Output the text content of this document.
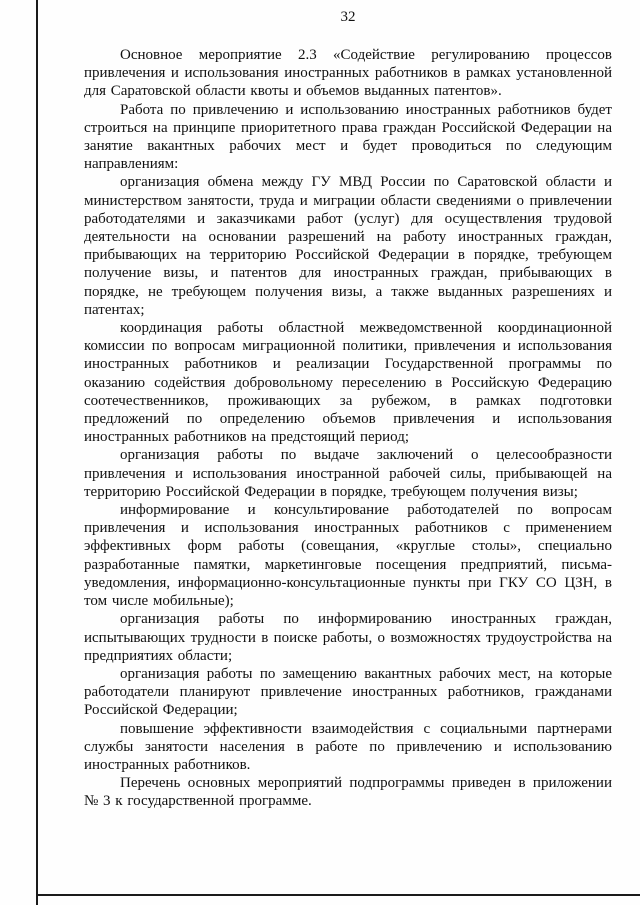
32

Основное мероприятие 2.3 «Содействие регулированию процессов привлечения и использования иностранных работников в рамках установленной для Саратовской области квоты и объемов выданных патентов».

Работа по привлечению и использованию иностранных работников будет строиться на принципе приоритетного права граждан Российской Федерации на занятие вакантных рабочих мест и будет проводиться по следующим направлениям:

организация обмена между ГУ МВД России по Саратовской области и министерством занятости, труда и миграции области сведениями о привлечении работодателями и заказчиками работ (услуг) для осуществления трудовой деятельности на основании разрешений на работу иностранных граждан, прибывающих на территорию Российской Федерации в порядке, требующем получение визы, и патентов для иностранных граждан, прибывающих в порядке, не требующем получения визы, а также выданных разрешениях и патентах;

координация работы областной межведомственной координационной комиссии по вопросам миграционной политики, привлечения и использования иностранных работников и реализации Государственной программы по оказанию содействия добровольному переселению в Российскую Федерацию соотечественников, проживающих за рубежом, в рамках подготовки предложений по определению объемов привлечения и использования иностранных работников на предстоящий период;

организация работы по выдаче заключений о целесообразности привлечения и использования иностранной рабочей силы, прибывающей на территорию Российской Федерации в порядке, требующем получения визы;

информирование и консультирование работодателей по вопросам привлечения и использования иностранных работников с применением эффективных форм работы (совещания, «круглые столы», специально разработанные памятки, маркетинговые посещения предприятий, письма-уведомления, информационно-консультационные пункты при ГКУ СО ЦЗН, в том числе мобильные);

организация работы по информированию иностранных граждан, испытывающих трудности в поиске работы, о возможностях трудоустройства на предприятиях области;

организация работы по замещению вакантных рабочих мест, на которые работодатели планируют привлечение иностранных работников, гражданами Российской Федерации;

повышение эффективности взаимодействия с социальными партнерами службы занятости населения в работе по привлечению и использованию иностранных работников.

Перечень основных мероприятий подпрограммы приведен в приложении № 3 к государственной программе.
